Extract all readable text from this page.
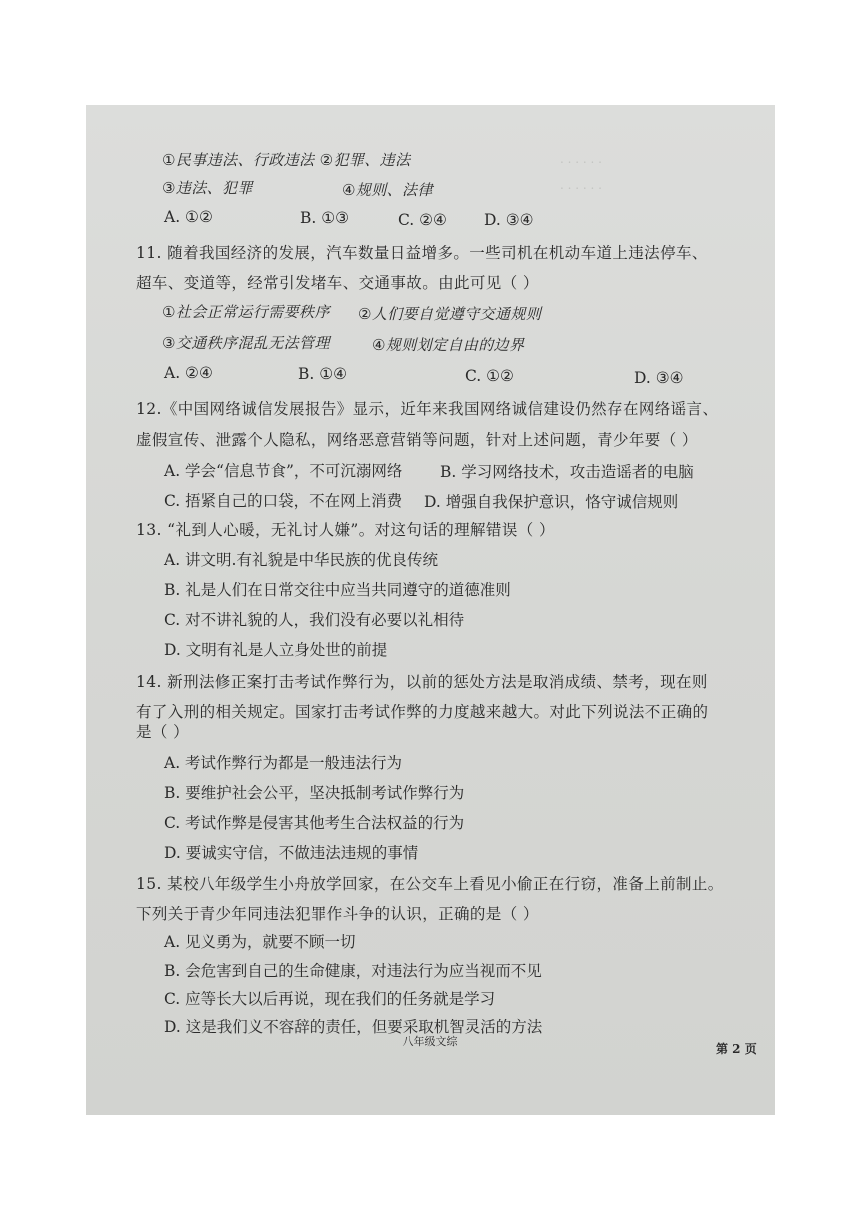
. . . . . .
. . . . . .
①民事违法、行政违法 ②犯罪、违法
③违法、犯罪	④规则、法律
A. ①②	B. ①③	C. ②④ D. ③④
11. 随着我国经济的发展，汽车数量日益增多。一些司机在机动车道上违法停车、
超车、变道等，经常引发堵车、交通事故。由此可见（ ）
①社会正常运行需要秩序 ②人们要自觉遵守交通规则
③交通秩序混乱无法管理	④规则划定自由的边界
A. ②④	B. ①④	C. ①②	D. ③④
12.《中国网络诚信发展报告》显示，近年来我国网络诚信建设仍然存在网络谣言、
虚假宣传、泄露个人隐私，网络恶意营销等问题，针对上述问题，青少年要（ ）
A. 学会“信息节食”，不可沉溺网络 B. 学习网络技术，攻击造谣者的电脑
C. 捂紧自己的口袋，不在网上消费 D. 增强自我保护意识，恪守诚信规则
13. “礼到人心暖，无礼讨人嫌”。对这句话的理解错误（ ）
A. 讲文明.有礼貌是中华民族的优良传统
B. 礼是人们在日常交往中应当共同遵守的道德准则
C. 对不讲礼貌的人，我们没有必要以礼相待
D. 文明有礼是人立身处世的前提
14. 新刑法修正案打击考试作弊行为，以前的惩处方法是取消成绩、禁考，现在则
有了入刑的相关规定。国家打击考试作弊的力度越来越大。对此下列说法不正确的
是（ ）
A. 考试作弊行为都是一般违法行为
B. 要维护社会公平，坚决抵制考试作弊行为
C. 考试作弊是侵害其他考生合法权益的行为
D. 要诚实守信，不做违法违规的事情
15. 某校八年级学生小舟放学回家，在公交车上看见小偷正在行窃，准备上前制止。
下列关于青少年同违法犯罪作斗争的认识，正确的是（ ）
A. 见义勇为，就要不顾一切
B. 会危害到自己的生命健康，对违法行为应当视而不见
C. 应等长大以后再说，现在我们的任务就是学习
D. 这是我们义不容辞的责任，但要采取机智灵活的方法
八年级文综
第 2 页
